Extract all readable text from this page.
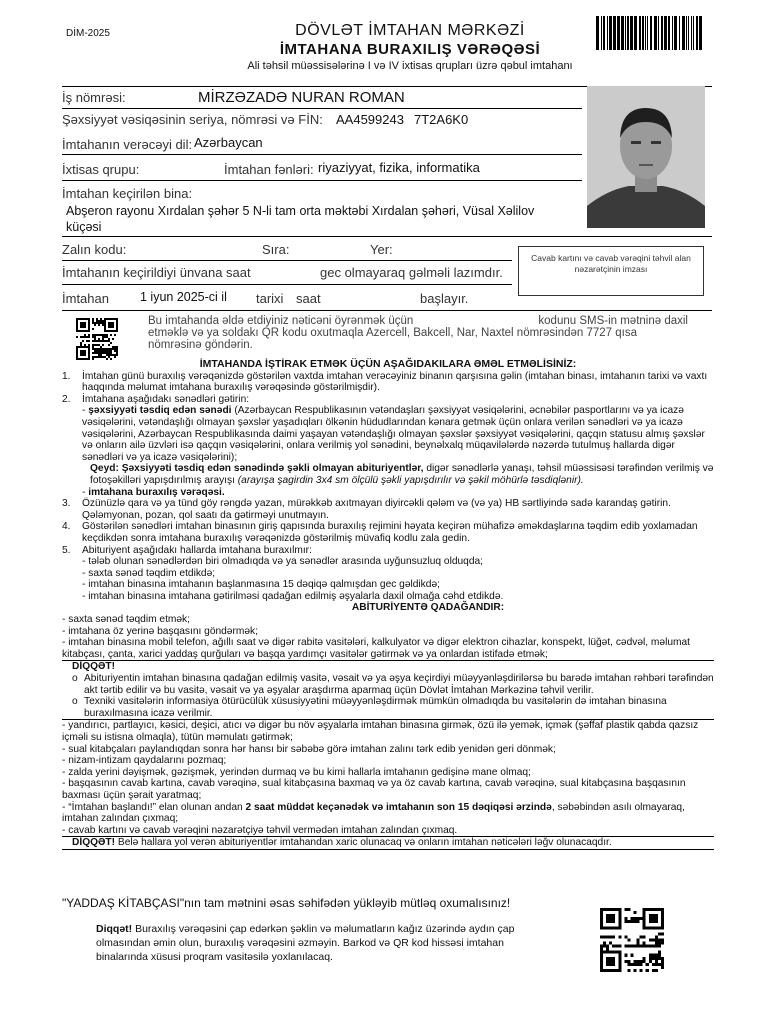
DİM-2025	DÖVLƏT İMTAHAN MƏRKƏZİ
İMTAHANA BURAXILIŞ VƏRƏQƏSİ
Ali təhsil müəssisələrinə I və IV ixtisas qrupları üzrə qəbul imtahanı
İş nömrəsi:	MİRZƏZADƏ NURAN ROMAN
Şəxsiyyət vəsiqəsinin seriya, nömrəsi və FİN: AA4599243 7T2A6K0
İmtahanın verəcəyi dil: Azərbaycan
İxtisas qrupu:	İmtahan fənləri: riyaziyyat, fizika, informatika
İmtahan keçirilən bina:
Abşeron rayonu Xırdalan şəhər 5 N-li tam orta məktəbi Xırdalan şəhəri, Vüsal Xəlilov
küçəsi
Zalın kodu:	Sıra:	Yer:
Cavab kartını və cavab vərəqini təhvil alan nəzarətçinin imzası
İmtahanın keçirildiyi ünvana saat	gec olmayaraq gəlməli lazımdır.
İmtahan 1 iyun 2025-ci il tarixi saat	başlayır.
Bu imtahanda əldə etdiyiniz nəticəni öyrənmək üçün	kodunu SMS-in mətninə daxil
etməklə və ya soldakı QR kodu oxutmaqla Azercell, Bakcell, Nar, Naxtel nömrəsindən 7727 qısa
nömrəsinə göndərin.

İMTAHANDA İŞTİRAK ETMƏK ÜÇÜN AŞAĞIDAKILARA ƏMƏL ETMƏLİSİNİZ:

1.	İmtahan günü buraxılış vərəqənizdə göstərilən vaxtda imtahan verəcəyiniz binanın qarşısına gəlin (imtahan binası, imtahanın tarixi və vaxtı haqqında məlumat imtahana buraxılış vərəqəsində göstərilmişdir).
2.	İmtahana aşağıdakı sənədləri gətirin:
- şəxsiyyəti təsdiq edən sənədi (Azərbaycan Respublikasının vətəndaşları şəxsiyyət vəsiqələrini, əcnəbilər pasportlarını və ya icazə vəsiqələrini, vətəndaşlığı olmayan şəxslər yaşadıqları ölkənin hüdudlarından kənara getmək üçün onlara verilən sənədləri və ya icazə vəsiqələrini, Azərbaycan Respublikasında daimi yaşayan vətəndaşlığı olmayan şəxslər şəxsiyyət vəsiqələrini, qaçqın statusu almış şəxslər və onların ailə üzvləri isə qaçqın vəsiqələrini, onlara verilmiş yol sənədini, beynəlxalq müqavilələrdə nəzərdə tutulmuş hallarda digər sənədləri və ya icazə vəsiqələrini);
Qeyd: Şəxsiyyəti təsdiq edən sənədində şəkli olmayan abituriyentlər, digər sənədlərlə yanaşı, təhsil müəssisəsi tərəfindən verilmiş və fotoşəkilləri yapışdırılmış arayışı (arayışa şagirdin 3x4 sm ölçülü şəkli yapışdırılır və şəkil möhürlə təsdiqlənir).
- imtahana buraxılış vərəqəsi.
3.	Özünüzlə qara və ya tünd göy rəngdə yazan, mürəkkəb axıtmayan diyircəkli qələm və (və ya) HB sərtliyində sadə karandaş gətirin. Qələmyonan, pozan, qol saatı da gətirməyi unutmayın.
4.	Göstərilən sənədləri imtahan binasının giriş qapısında buraxılış rejimini həyata keçirən mühafizə əməkdaşlarına təqdim edib yoxlamadan keçdikdən sonra imtahana buraxılış vərəqənizdə göstərilmiş müvafiq kodlu zala gedin.
5.	Abituriyent aşağıdakı hallarda imtahana buraxılmır:
- tələb olunan sənədlərdən biri olmadıqda və ya sənədlər arasında uyğunsuzluq olduqda;
- saxta sənəd təqdim etdikdə;
- imtahan binasına imtahanın başlanmasına 15 dəqiqə qalmışdan gec gəldikdə;
- imtahan binasına imtahana gətirilməsi qadağan edilmiş əşyalarla daxil olmağa cəhd etdikdə.

ABİTURİYENTƏ QADAĞANDIR:

- saxta sənəd təqdim etmək;
- imtahana öz yerinə başqasını göndərmək;
- imtahan binasına mobil telefon, ağıllı saat və digər rabitə vasitələri, kalkulyator və digər elektron cihazlar, konspekt, lüğət, cədvəl, məlumat kitabçası, çanta, xarici yaddaş qurğuları və başqa yardımçı vasitələr gətirmək və ya onlardan istifadə etmək;
DİQQƏT!
o Abituriyentin imtahan binasına qadağan edilmiş vasitə, vəsait və ya əşya keçirdiyi müəyyənləşdirilərsə bu barədə imtahan rəhbəri tərəfindən akt tərtib edilir və bu vasitə, vəsait və ya əşyalar araşdırma aparmaq üçün Dövlət İmtahan Mərkəzinə təhvil verilir.
o Texniki vasitələrin informasiya ötürücülük xüsusiyyətini müəyyənləşdirmək mümkün olmadıqda bu vasitələrin də imtahan binasına buraxılmasına icazə verilmir.
- yandırıcı, partlayıcı, kəsici, deşici, atıcı və digər bu növ əşyalarla imtahan binasına girmək, özü ilə yemək, içmək (şəffaf plastik qabda qazsız içməli su istisna olmaqla), tütün məmulatı gətirmək;
- sual kitabçaları paylandıqdan sonra hər hansı bir səbəbə görə imtahan zalını tərk edib yenidən geri dönmək;
- nizam-intizam qaydalarını pozmaq;
- zalda yerini dəyişmək, gəzişmək, yerindən durmaq və bu kimi hallarla imtahanın gedişinə mane olmaq;
- başqasının cavab kartına, cavab vərəqinə, sual kitabçasına baxmaq və ya öz cavab kartına, cavab vərəqinə, sual kitabçasına başqasının baxması üçün şərait yaratmaq;
- “İmtahan başlandı!” elan olunan andan 2 saat müddət keçənədək və imtahanın son 15 dəqiqəsi ərzində, səbəbindən asılı olmayaraq, imtahan zalından çıxmaq;
- cavab kartını və cavab vərəqini nəzarətçiyə təhvil vermədən imtahan zalından çıxmaq.
DİQQƏT! Belə hallara yol verən abituriyentlər imtahandan xaric olunacaq və onların imtahan nəticələri ləğv olunacaqdır.
"YADDAŞ KİTABÇASI"nın tam mətnini əsas səhifədən yükləyib mütləq oxumalısınız!
Diqqət! Buraxılış vərəqəsini çap edərkən şəklin və məlumatların kağız üzərində aydın çap olmasından əmin olun, buraxılış vərəqəsini əzməyin. Barkod və QR kod hissəsi imtahan binalarında xüsusi proqram vasitəsilə yoxlanılacaq.
